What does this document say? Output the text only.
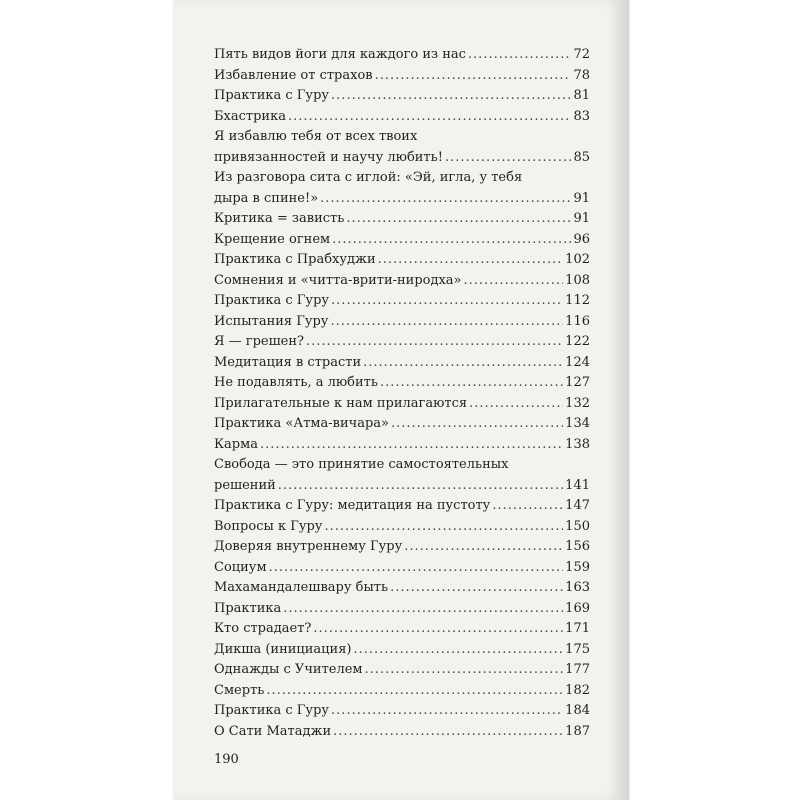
Пять видов йоги для каждого из нас .....	72
Избавление от страхов .....	78
Практика с Гуру .....	81
Бхастрика .....	83
Я избавлю тебя от всех твоих
привязанностей и научу любить! .....	85
Из разговора сита с иглой: «Эй, игла, у тебя
дыра в спине!» .....	91
Критика = зависть .....	91
Крещение огнем .....	96
Практика с Прабхуджи .....	102
Сомнения и «читта-врити-ниродха» .....	108
Практика с Гуру .....	112
Испытания Гуру .....	116
Я — грешен? .....	122
Медитация в страсти .....	124
Не подавлять, а любить .....	127
Прилагательные к нам прилагаются .....	132
Практика «Атма-вичара» .....	134
Карма .....	138
Свобода — это принятие самостоятельных
решений .....	141
Практика с Гуру: медитация на пустоту .....	147
Вопросы к Гуру .....	150
Доверяя внутреннему Гуру .....	156
Социум .....	159
Махамандалешвару быть .....	163
Практика .....	169
Кто страдает? .....	171
Дикша (инициация) .....	175
Однажды с Учителем .....	177
Смерть .....	182
Практика с Гуру .....	184
О Сати Матаджи .....	187
190
